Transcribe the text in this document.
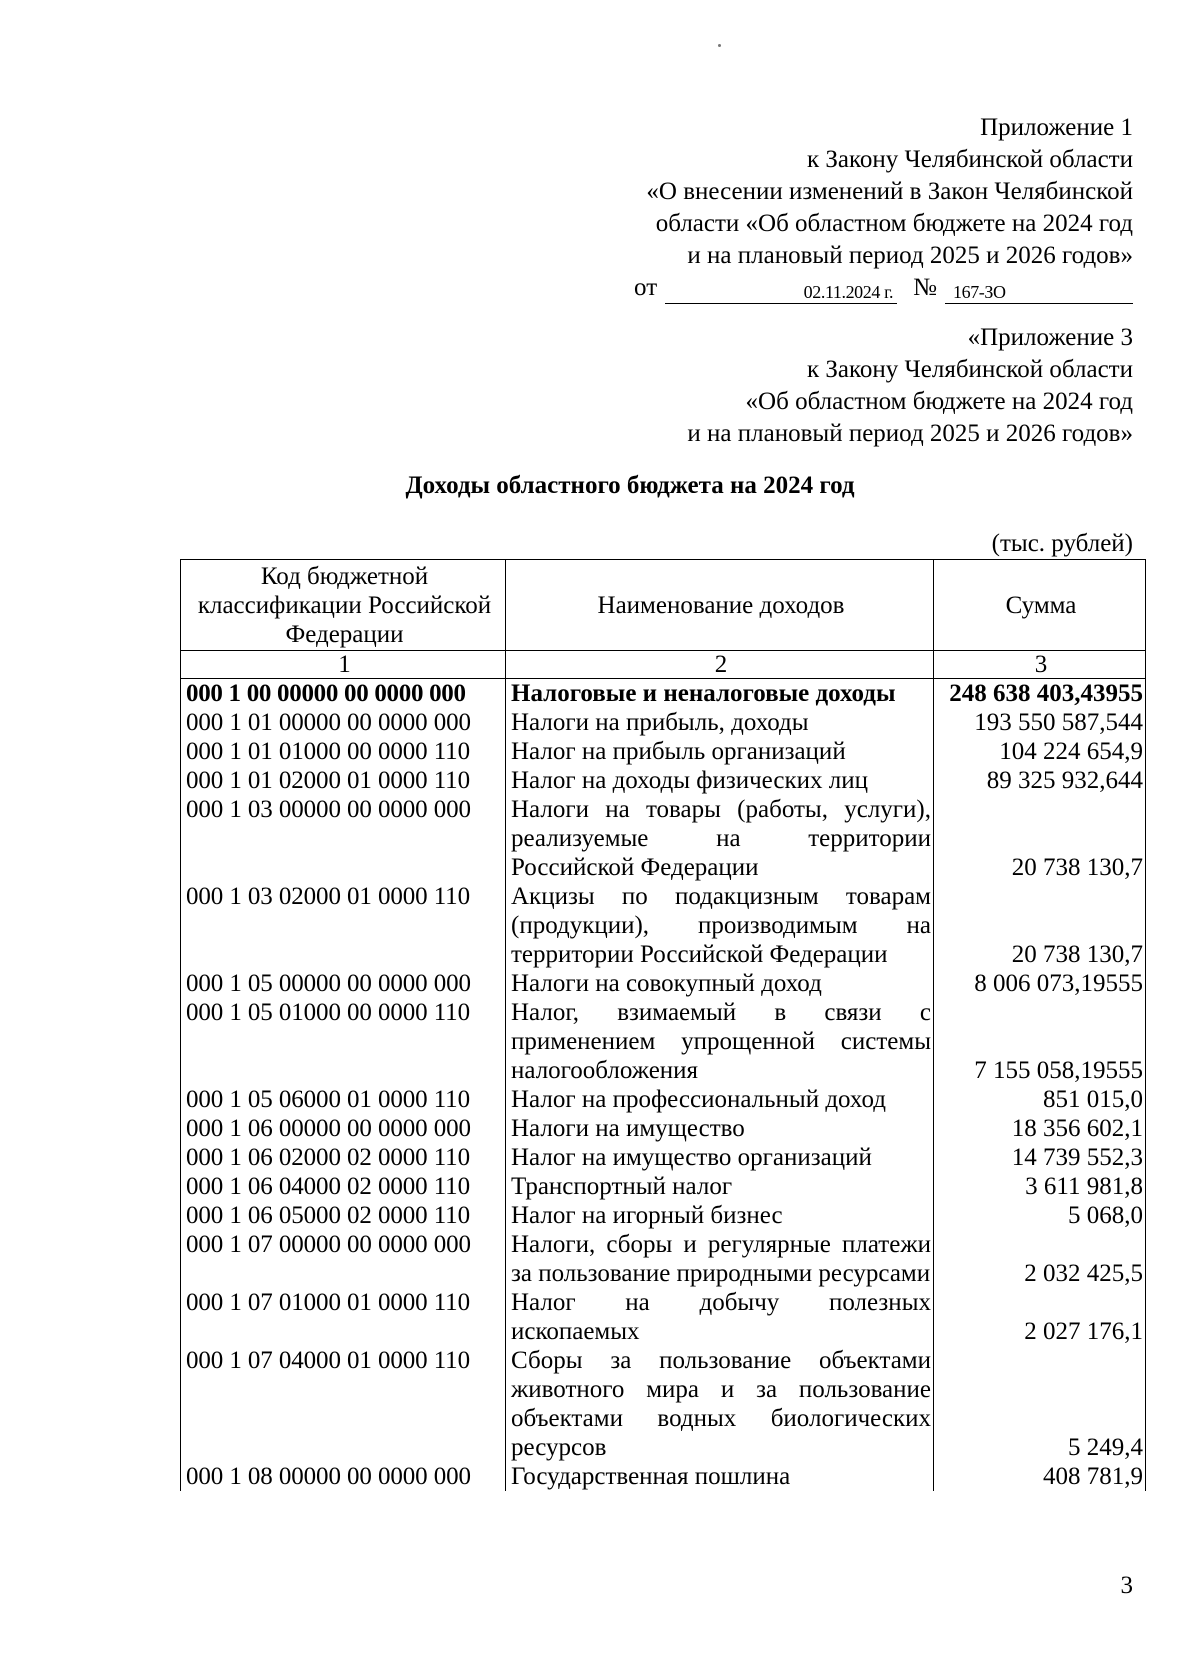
Приложение 1
к Закону Челябинской области
«О внесении изменений в Закон Челябинской
области «Об областном бюджете на 2024 год
и на плановый период 2025 и 2026 годов»
от	02.11.2024 г. № 167-ЗО
«Приложение 3
к Закону Челябинской области
«Об областном бюджете на 2024 год
и на плановый период 2025 и 2026 годов»
Доходы областного бюджета на 2024 год
(тыс. рублей)
Код бюджетной классификации Российской Федерации	Наименование доходов	Сумма
1	2	3
000 1 00 00000 00 0000 000	Налоговые и неналоговые доходы	248 638 403,43955
000 1 01 00000 00 0000 000	Налоги на прибыль, доходы	193 550 587,544
000 1 01 01000 00 0000 110	Налог на прибыль организаций	104 224 654,9
000 1 01 02000 01 0000 110	Налог на доходы физических лиц	89 325 932,644
000 1 03 00000 00 0000 000	Налоги на товары (работы, услуги), реализуемые на территории Российской Федерации	20 738 130,7
000 1 03 02000 01 0000 110	Акцизы по подакцизным товарам (продукции), производимым на территории Российской Федерации	20 738 130,7
000 1 05 00000 00 0000 000	Налоги на совокупный доход	8 006 073,19555
000 1 05 01000 00 0000 110	Налог, взимаемый в связи с применением упрощенной системы налогообложения	7 155 058,19555
000 1 05 06000 01 0000 110	Налог на профессиональный доход	851 015,0
000 1 06 00000 00 0000 000	Налоги на имущество	18 356 602,1
000 1 06 02000 02 0000 110	Налог на имущество организаций	14 739 552,3
000 1 06 04000 02 0000 110	Транспортный налог	3 611 981,8
000 1 06 05000 02 0000 110	Налог на игорный бизнес	5 068,0
000 1 07 00000 00 0000 000	Налоги, сборы и регулярные платежи за пользование природными ресурсами	2 032 425,5
000 1 07 01000 01 0000 110	Налог на добычу полезных ископаемых	2 027 176,1
000 1 07 04000 01 0000 110	Сборы за пользование объектами животного мира и за пользование объектами водных биологических ресурсов	5 249,4
000 1 08 00000 00 0000 000	Государственная пошлина	408 781,9
3
